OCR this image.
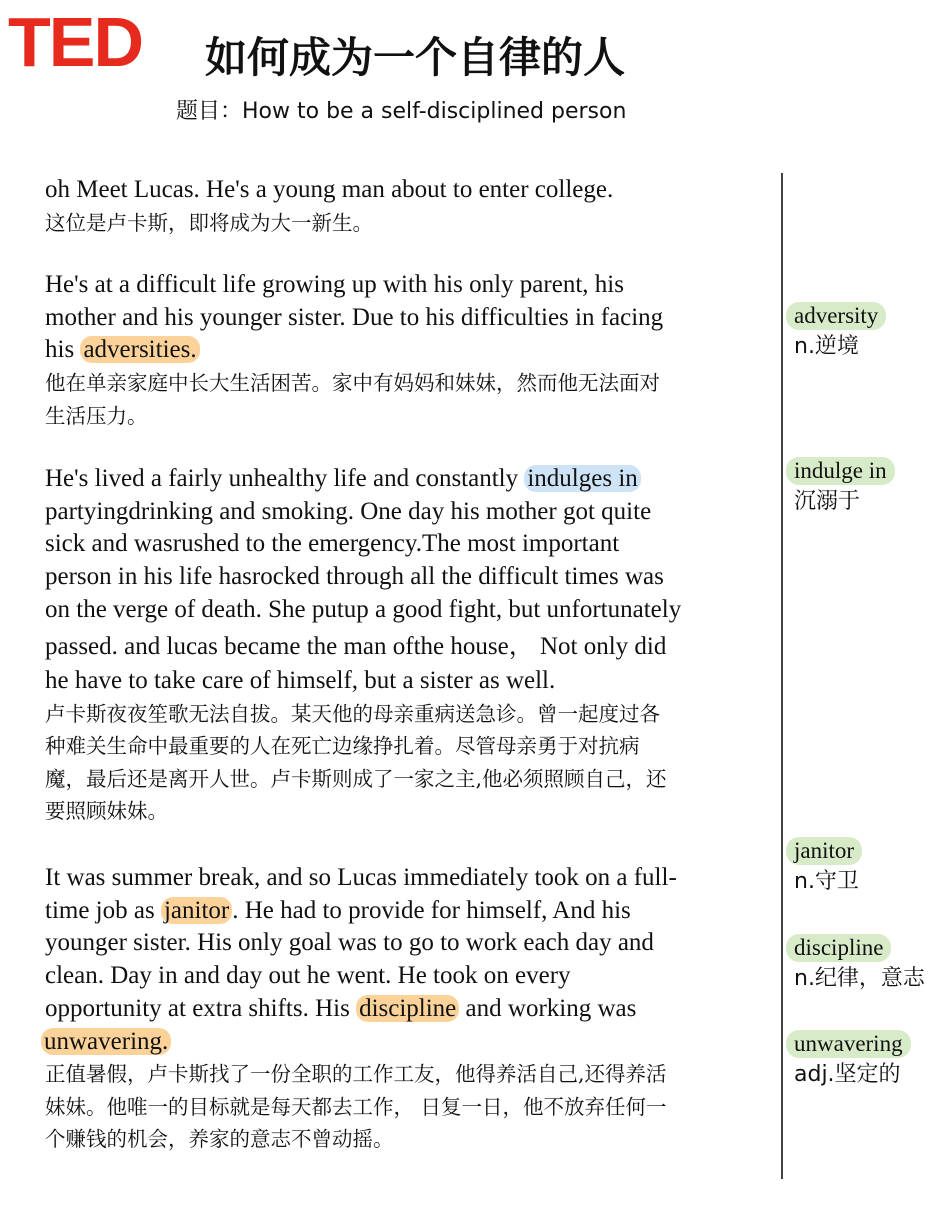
TED 如何成为一个自律的人
题目：How to be a self-disciplined person

oh Meet Lucas. He's a young man about to enter college.

这位是卢卡斯，即将成为大一新生。

He's at a difficult life growing up with his only parent, his

mother and his younger sister. Due to his difficulties in facing

his adversities.

他在单亲家庭中长大生活困苦。家中有妈妈和妹妹，然而他无法面对

生活压力。

He's lived a fairly unhealthy life and constantly indulges in

partyingdrinking and smoking. One day his mother got quite

sick and wasrushed to the emergency.The most important

person in his life hasrocked through all the difficult times was

on the verge of death. She putup a good fight, but unfortunately

passed. and lucas became the man ofthe house， Not only did

he have to take care of himself, but a sister as well.

卢卡斯夜夜笙歌无法自拔。某天他的母亲重病送急诊。曾一起度过各

种难关生命中最重要的人在死亡边缘挣扎着。尽管母亲勇于对抗病

魔，最后还是离开人世。卢卡斯则成了一家之主,他必须照顾自己，还

要照顾妹妹。

It was summer break, and so Lucas immediately took on a full-

time job as janitor . He had to provide for himself, And his

younger sister. His only goal was to go to work each day and

clean. Day in and day out he went. He took on every

opportunity at extra shifts. His discipline and working was

unwavering.

正值暑假，卢卡斯找了一份全职的工作工友，他得养活自己,还得养活

妹妹。他唯一的目标就是每天都去工作， 日复一日，他不放弃任何一

个赚钱的机会，养家的意志不曾动摇。

adversity
n.逆境
indulge in
沉溺于
janitor
n.守卫
discipline
n.纪律，意志
unwavering
adj.坚定的
